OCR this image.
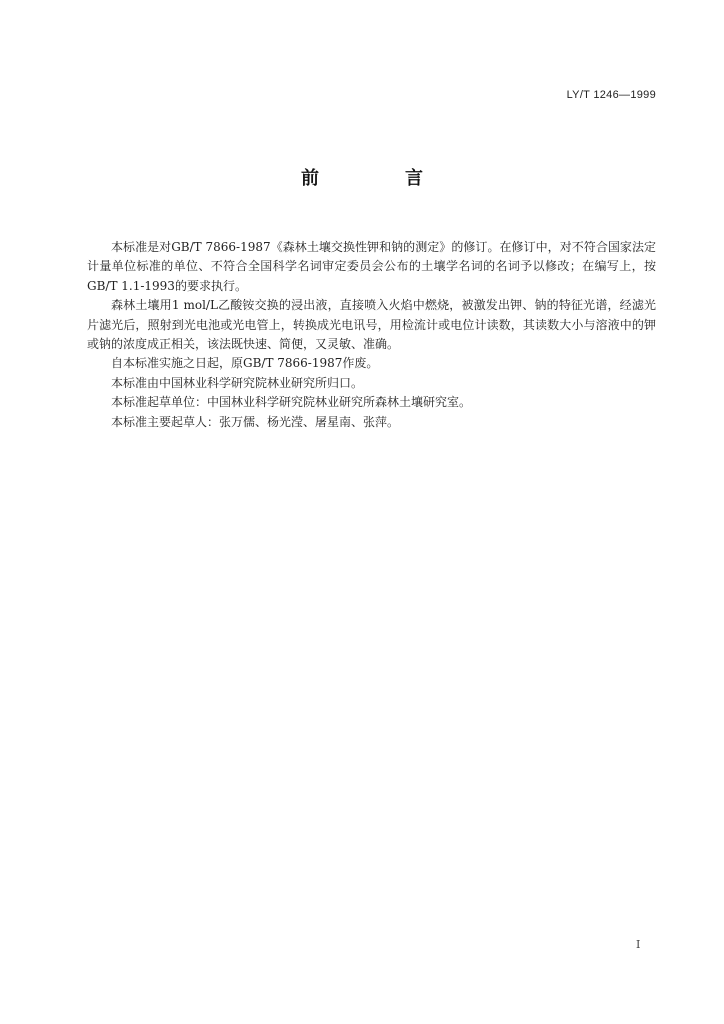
LY/T 1246—1999
前　言

本标准是对GB/T 7866-1987《森林土壤交换性钾和钠的测定》的修订。在修订中，对不符合国家法定计量单位标准的单位、不符合全国科学名词审定委员会公布的土壤学名词的名词予以修改；在编写上，按GB/T 1.1-1993的要求执行。

森林土壤用1 mol/L乙酸铵交换的浸出液，直接喷入火焰中燃烧，被激发出钾、钠的特征光谱，经滤光片滤光后，照射到光电池或光电管上，转换成光电讯号，用检流计或电位计读数，其读数大小与溶液中的钾或钠的浓度成正相关，该法既快速、简便，又灵敏、准确。

自本标准实施之日起，原GB/T 7866-1987作废。

本标准由中国林业科学研究院林业研究所归口。

本标准起草单位：中国林业科学研究院林业研究所森林土壤研究室。

本标准主要起草人：张万儒、杨光滢、屠星南、张萍。

I
